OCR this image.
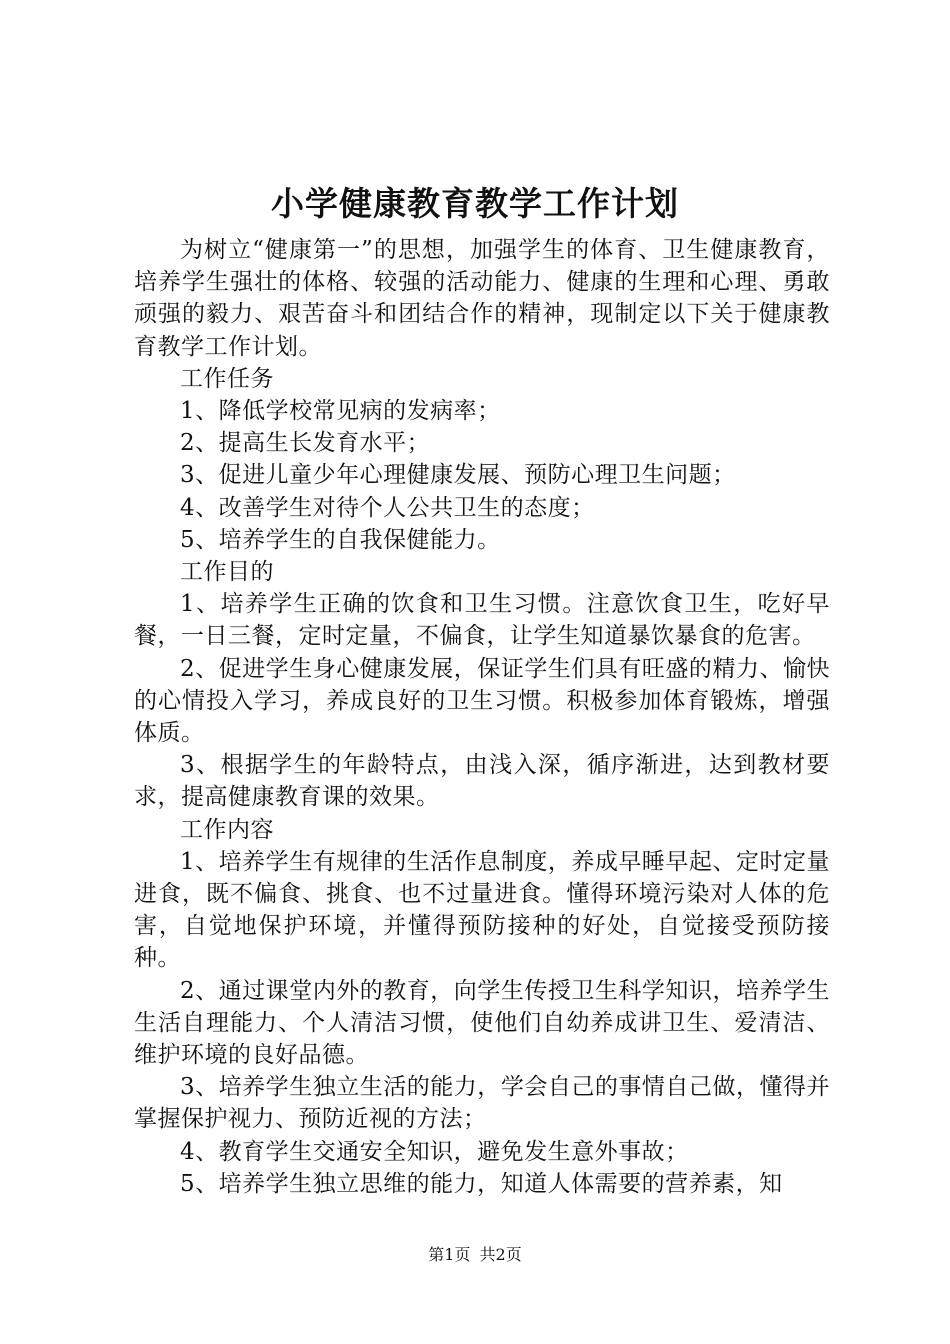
小学健康教育教学工作计划

为树立“健康第一”的思想，加强学生的体育、卫生健康教育，培养学生强壮的体格、较强的活动能力、健康的生理和心理、勇敢顽强的毅力、艰苦奋斗和团结合作的精神，现制定以下关于健康教育教学工作计划。

工作任务

1、降低学校常见病的发病率；

2、提高生长发育水平；

3、促进儿童少年心理健康发展、预防心理卫生问题；

4、改善学生对待个人公共卫生的态度；

5、培养学生的自我保健能力。

工作目的

1、培养学生正确的饮食和卫生习惯。注意饮食卫生，吃好早餐，一日三餐，定时定量，不偏食，让学生知道暴饮暴食的危害。

2、促进学生身心健康发展，保证学生们具有旺盛的精力、愉快的心情投入学习，养成良好的卫生习惯。积极参加体育锻炼，增强体质。

3、根据学生的年龄特点，由浅入深，循序渐进，达到教材要求，提高健康教育课的效果。

工作内容

1、培养学生有规律的生活作息制度，养成早睡早起、定时定量进食，既不偏食、挑食、也不过量进食。懂得环境污染对人体的危害，自觉地保护环境，并懂得预防接种的好处，自觉接受预防接种。

2、通过课堂内外的教育，向学生传授卫生科学知识，培养学生生活自理能力、个人清洁习惯，使他们自幼养成讲卫生、爱清洁、维护环境的良好品德。

3、培养学生独立生活的能力，学会自己的事情自己做，懂得并掌握保护视力、预防近视的方法；

4、教育学生交通安全知识，避免发生意外事故；

5、培养学生独立思维的能力，知道人体需要的营养素，知

第1页 共2页
